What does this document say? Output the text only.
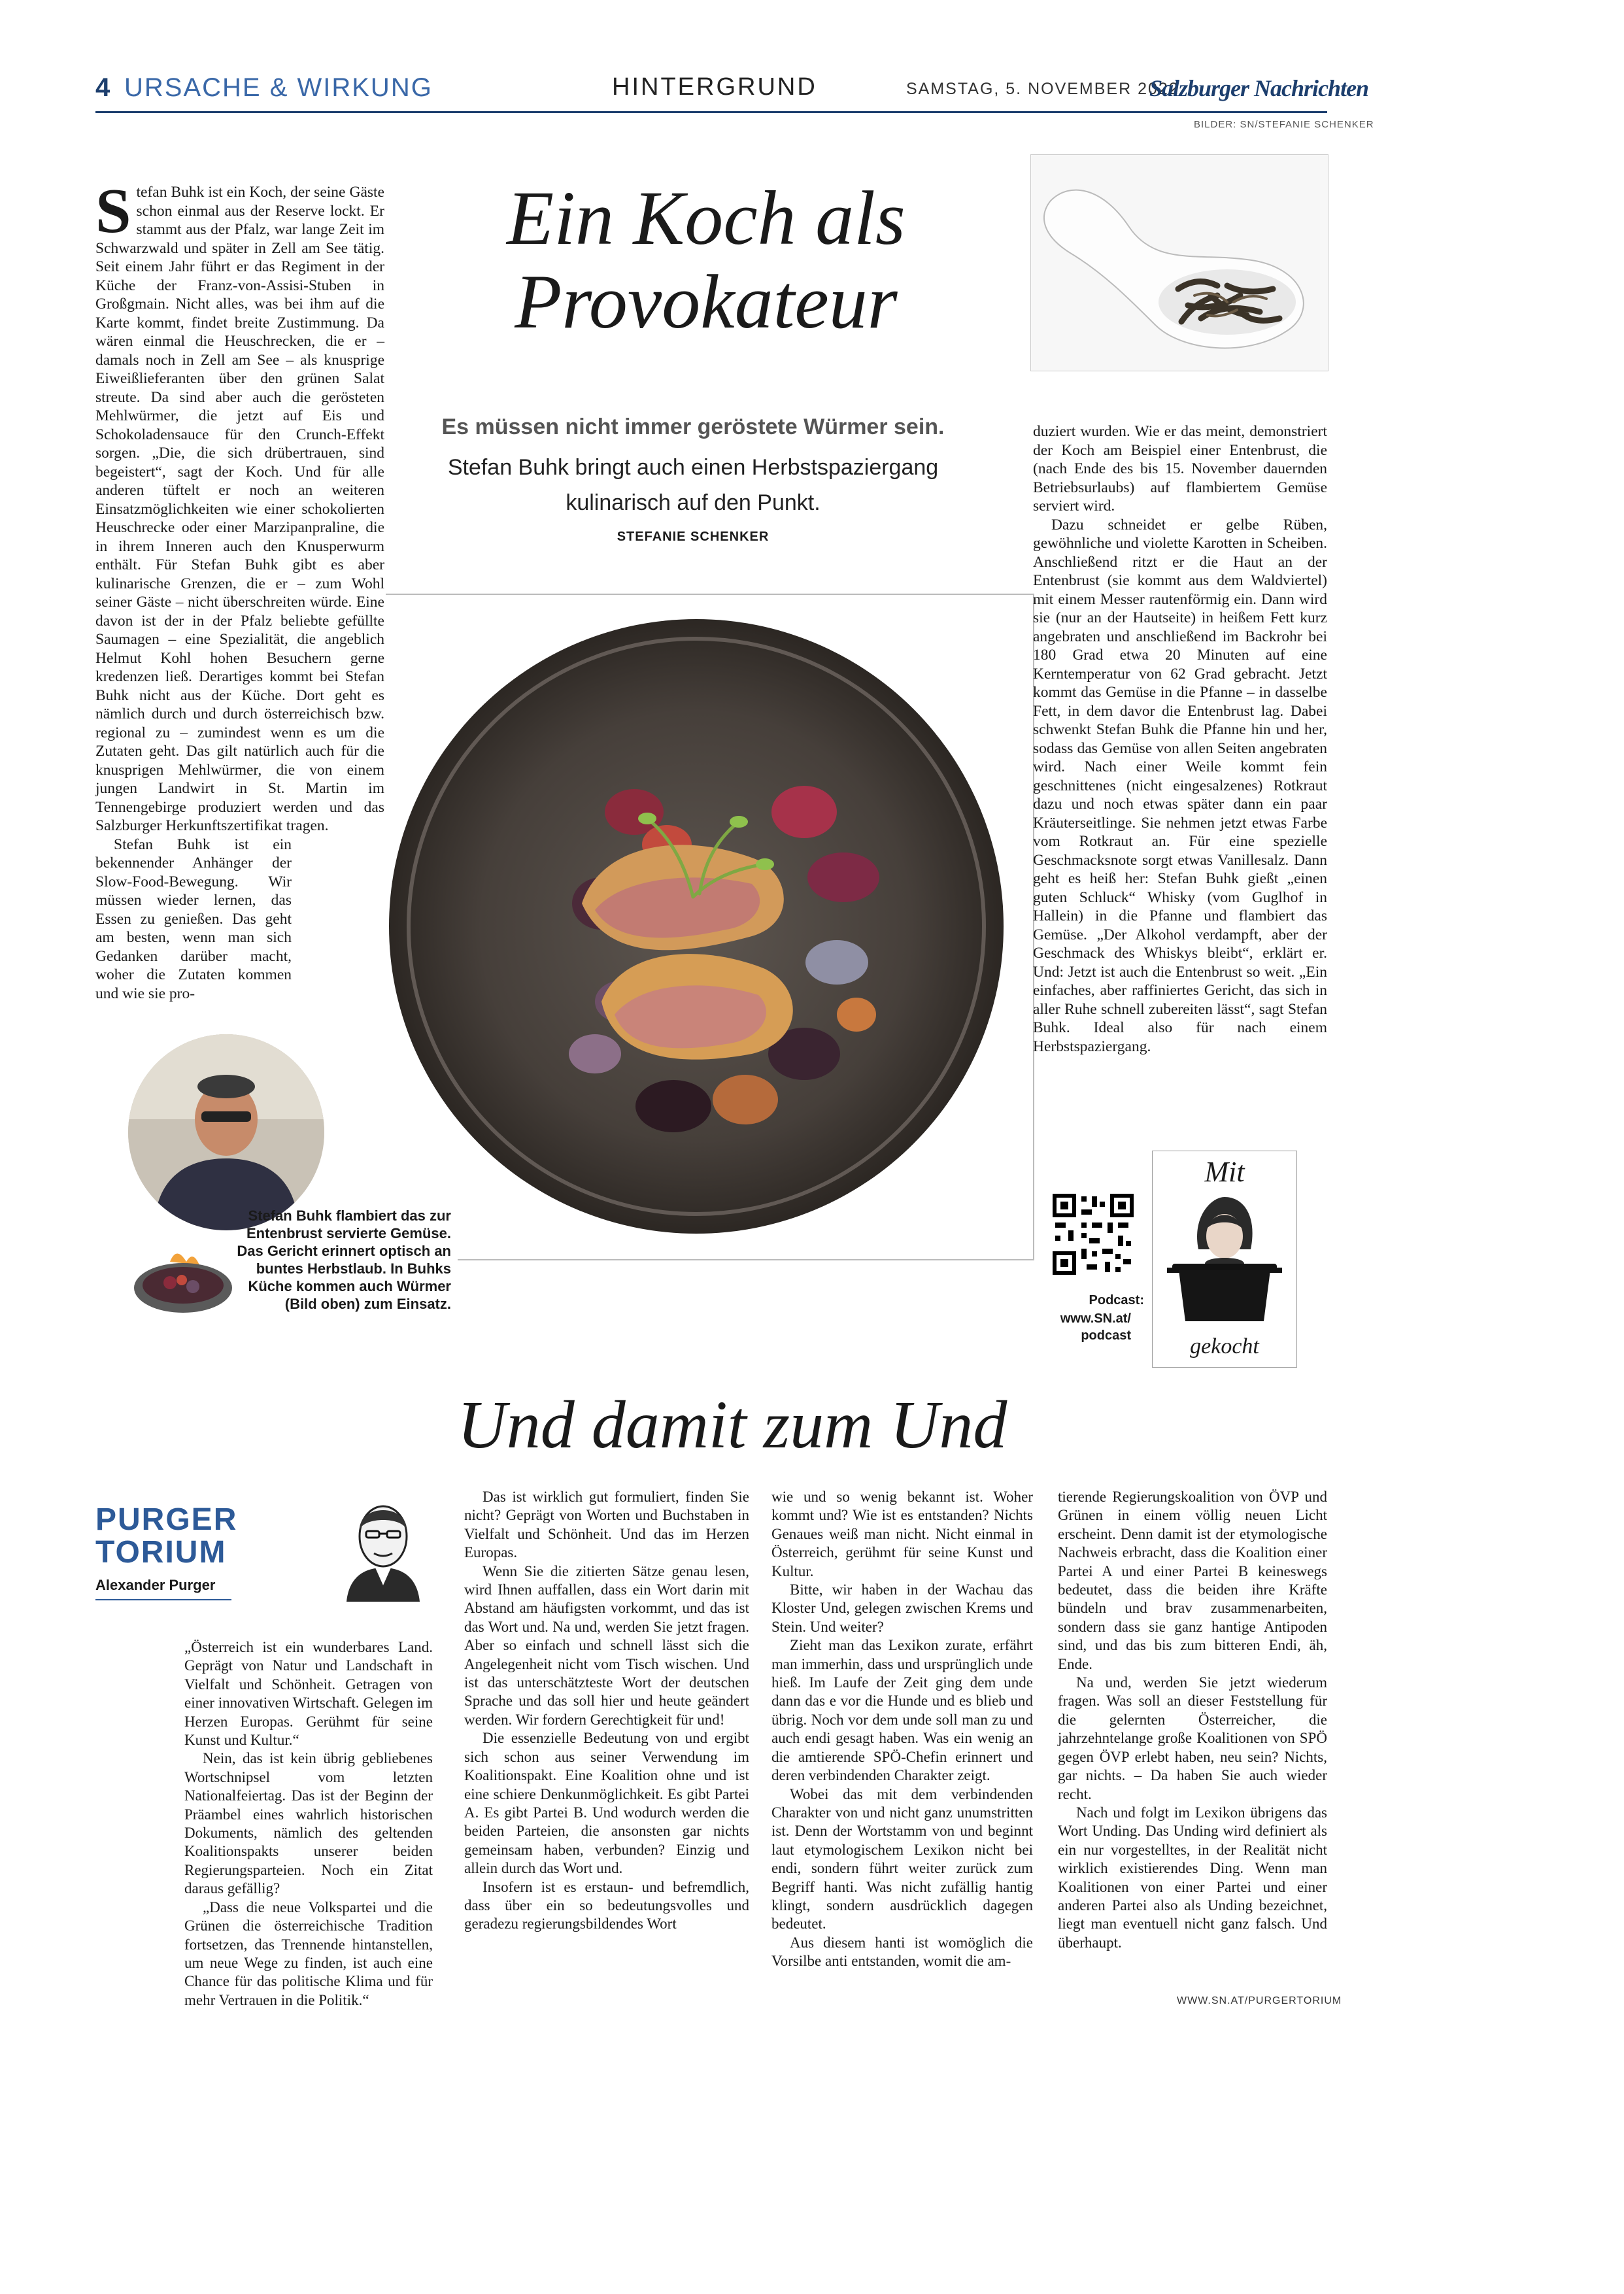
4 URSACHE & WIRKUNG	HINTERGRUND	SAMSTAG, 5. NOVEMBER 2022
Salzburger Nachrichten
BILDER: SN/STEFANIE SCHENKER
Ein Koch als Provokateur

Stefan Buhk ist ein Koch, der seine Gäste schon einmal aus der Reserve lockt. Er stammt aus der Pfalz, war lange Zeit im Schwarzwald und später in Zell am See tätig. Seit einem Jahr führt er das Regiment in der Küche der Franz-von-Assisi-Stuben in Großgmain. Nicht alles, was bei ihm auf die Karte kommt, findet breite Zustimmung. Da wären einmal die Heuschrecken, die er – damals noch in Zell am See – als knusprige Eiweißlieferanten über den grünen Salat streute. Da sind aber auch die gerösteten Mehlwürmer, die jetzt auf Eis und Schokoladensauce für den Crunch-Effekt sorgen. „Die, die sich drübertrauen, sind begeistert“, sagt der Koch. Und für alle anderen tüftelt er noch an weiteren Einsatzmöglichkeiten wie einer schokolierten Heuschrecke oder einer Marzipanpraline, die in ihrem Inneren auch den Knusperwurm enthält. Für Stefan Buhk gibt es aber kulinarische Grenzen, die er – zum Wohl seiner Gäste – nicht überschreiten würde. Eine davon ist der in der Pfalz beliebte gefüllte Saumagen – eine Spezialität, die angeblich Helmut Kohl hohen Besuchern gerne kredenzen ließ. Derartiges kommt bei Stefan Buhk nicht aus der Küche. Dort geht es nämlich durch und durch österreichisch bzw. regional zu – zumindest wenn es um die Zutaten geht. Das gilt natürlich auch für die knusprigen Mehlwürmer, die von einem jungen Landwirt in St. Martin im Tennengebirge produziert werden und das Salzburger Herkunftszertifikat tragen.

Stefan Buhk ist ein bekennender Anhänger der Slow-Food-Bewegung. Wir müssen wieder lernen, das Essen zu genießen. Das geht am besten, wenn man sich Gedanken darüber macht, woher die Zutaten kommen und wie sie pro-

Es müssen nicht immer geröstete Würmer sein.
Stefan Buhk bringt auch einen Herbstspaziergang kulinarisch auf den Punkt.
STEFANIE SCHENKER

duziert wurden. Wie er das meint, demonstriert der Koch am Beispiel einer Entenbrust, die (nach Ende des bis 15. November dauernden Betriebsurlaubs) auf flambiertem Gemüse serviert wird.

Dazu schneidet er gelbe Rüben, gewöhnliche und violette Karotten in Scheiben. Anschließend ritzt er die Haut an der Entenbrust (sie kommt aus dem Waldviertel) mit einem Messer rautenförmig ein. Dann wird sie (nur an der Hautseite) in heißem Fett kurz angebraten und anschließend im Backrohr bei 180 Grad etwa 20 Minuten auf eine Kerntemperatur von 62 Grad gebracht. Jetzt kommt das Gemüse in die Pfanne – in dasselbe Fett, in dem davor die Entenbrust lag. Dabei schwenkt Stefan Buhk die Pfanne hin und her, sodass das Gemüse von allen Seiten angebraten wird. Nach einer Weile kommt fein geschnittenes (nicht eingesalzenes) Rotkraut dazu und noch etwas später dann ein paar Kräuterseitlinge. Sie nehmen jetzt etwas Farbe vom Rotkraut an. Für eine spezielle Geschmacksnote sorgt etwas Vanillesalz. Dann geht es heiß her: Stefan Buhk gießt „einen guten Schluck“ Whisky (vom Guglhof in Hallein) in die Pfanne und flambiert das Gemüse. „Der Alkohol verdampft, aber der Geschmack des Whiskys bleibt“, erklärt er. Und: Jetzt ist auch die Entenbrust so weit. „Ein einfaches, aber raffiniertes Gericht, das sich in aller Ruhe schnell zubereiten lässt“, sagt Stefan Buhk. Ideal also für nach einem Herbstspaziergang.

Stefan Buhk flambiert das zur Entenbrust servierte Gemüse. Das Gericht erinnert optisch an buntes Herbstlaub. In Buhks Küche kommen auch Würmer (Bild oben) zum Einsatz.	Podcast:
www.SN.at/ podcast
Mit
gekocht
Und damit zum Und
PURGER
TORIUM
Alexander Purger

„Österreich ist ein wunderbares Land. Geprägt von Natur und Landschaft in Vielfalt und Schönheit. Getragen von einer innovativen Wirtschaft. Gelegen im Herzen Europas. Gerühmt für seine Kunst und Kultur.“

Nein, das ist kein übrig gebliebenes Wortschnipsel vom letzten Nationalfeiertag. Das ist der Beginn der Präambel eines wahrlich historischen Dokuments, nämlich des geltenden Koalitionspakts unserer beiden Regierungsparteien. Noch ein Zitat daraus gefällig?

„Dass die neue Volkspartei und die Grünen die österreichische Tradition fortsetzen, das Trennende hintanstellen, um neue Wege zu finden, ist auch eine Chance für das politische Klima und für mehr Vertrauen in die Politik.“

Das ist wirklich gut formuliert, finden Sie nicht? Geprägt von Worten und Buchstaben in Vielfalt und Schönheit. Und das im Herzen Europas.

Wenn Sie die zitierten Sätze genau lesen, wird Ihnen auffallen, dass ein Wort darin mit Abstand am häufigsten vorkommt, und das ist das Wort und. Na und, werden Sie jetzt fragen. Aber so einfach und schnell lässt sich die Angelegenheit nicht vom Tisch wischen. Und ist das unterschätzteste Wort der deutschen Sprache und das soll hier und heute geändert werden. Wir fordern Gerechtigkeit für und!

Die essenzielle Bedeutung von und ergibt sich schon aus seiner Verwendung im Koalitionspakt. Eine Koalition ohne und ist eine schiere Denkunmöglichkeit. Es gibt Partei A. Es gibt Partei B. Und wodurch werden die beiden Parteien, die ansonsten gar nichts gemeinsam haben, verbunden? Einzig und allein durch das Wort und.

Insofern ist es erstaun- und befremdlich, dass über ein so bedeutungsvolles und geradezu regierungsbildendes Wort

wie und so wenig bekannt ist. Woher kommt und? Wie ist es entstanden? Nichts Genaues weiß man nicht. Nicht einmal in Österreich, gerühmt für seine Kunst und Kultur.

Bitte, wir haben in der Wachau das Kloster Und, gelegen zwischen Krems und Stein. Und weiter?

Zieht man das Lexikon zurate, erfährt man immerhin, dass und ursprünglich unde hieß. Im Laufe der Zeit ging dem unde dann das e vor die Hunde und es blieb und übrig. Noch vor dem unde soll man zu und auch endi gesagt haben. Was ein wenig an die amtierende SPÖ-Chefin erinnert und deren verbindenden Charakter zeigt.

Wobei das mit dem verbindenden Charakter von und nicht ganz unumstritten ist. Denn der Wortstamm von und beginnt laut etymologischem Lexikon nicht bei endi, sondern führt weiter zurück zum Begriff hanti. Was nicht zufällig hantig klingt, sondern ausdrücklich dagegen bedeutet.

Aus diesem hanti ist womöglich die Vorsilbe anti entstanden, womit die am-

tierende Regierungskoalition von ÖVP und Grünen in einem völlig neuen Licht erscheint. Denn damit ist der etymologische Nachweis erbracht, dass die Koalition einer Partei A und einer Partei B keineswegs bedeutet, dass die beiden ihre Kräfte bündeln und brav zusammenarbeiten, sondern dass sie ganz hantige Antipoden sind, und das bis zum bitteren Endi, äh, Ende.

Na und, werden Sie jetzt wiederum fragen. Was soll an dieser Feststellung für die gelernten Österreicher, die jahrzehntelange große Koalitionen von SPÖ gegen ÖVP erlebt haben, neu sein? Nichts, gar nichts. – Da haben Sie auch wieder recht.

Nach und folgt im Lexikon übrigens das Wort Unding. Das Unding wird definiert als ein nur vorgestelltes, in der Realität nicht wirklich existierendes Ding. Wenn man Koalitionen von einer Partei und einer anderen Partei also als Unding bezeichnet, liegt man eventuell nicht ganz falsch. Und überhaupt.

WWW.SN.AT/PURGERTORIUM
